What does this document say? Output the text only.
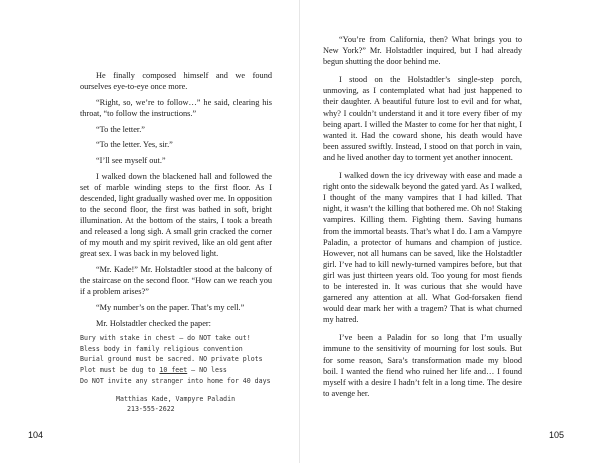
He finally composed himself and we found ourselves eye-to-eye once more.

“Right, so, we’re to follow…” he said, clearing his throat, “to follow the instructions.”

“To the letter.”

“To the letter. Yes, sir.”

“I’ll see myself out.”

I walked down the blackened hall and followed the set of marble winding steps to the first floor. As I descended, light gradually washed over me. In opposition to the second floor, the first was bathed in soft, bright illumination. At the bottom of the stairs, I took a breath and released a long sigh. A small grin cracked the corner of my mouth and my spirit revived, like an old gent after great sex. I was back in my beloved light.

“Mr. Kade!” Mr. Holstadtler stood at the balcony of the staircase on the second floor. “How can we reach you if a problem arises?”

“My number’s on the paper. That’s my cell.”

Mr. Holstadtler checked the paper:

Bury with stake in chest – do NOT take out!
Bless body in family religious convention
Burial ground must be sacred. NO private plots
Plot must be dug to 10 feet – NO less
Do NOT invite any stranger into home for 40 days
Matthias Kade, Vampyre Paladin
213-555-2622
104

“You’re from California, then? What brings you to New York?” Mr. Holstadtler inquired, but I had already begun shutting the door behind me.

I stood on the Holstadtler’s single-step porch, unmoving, as I contemplated what had just happened to their daughter. A beautiful future lost to evil and for what, why? I couldn’t understand it and it tore every fiber of my being apart. I willed the Master to come for her that night, I wanted it. Had the coward shone, his death would have been assured swiftly. Instead, I stood on that porch in vain, and he lived another day to torment yet another innocent.

I walked down the icy driveway with ease and made a right onto the sidewalk beyond the gated yard. As I walked, I thought of the many vampires that I had killed. That night, it wasn’t the killing that bothered me. Oh no! Staking vampires. Killing them. Fighting them. Saving humans from the immortal beasts. That’s what I do. I am a Vampyre Paladin, a protector of humans and champion of justice. However, not all humans can be saved, like the Holstadtler girl. I’ve had to kill newly-turned vampires before, but that girl was just thirteen years old. Too young for most fiends to be interested in. It was curious that she would have garnered any attention at all. What God-forsaken fiend would dear mark her with a tragem? That is what churned my hatred.

I’ve been a Paladin for so long that I’m usually immune to the sensitivity of mourning for lost souls. But for some reason, Sara’s transformation made my blood boil. I wanted the fiend who ruined her life and… I found myself with a desire I hadn’t felt in a long time. The desire to avenge her.

105
